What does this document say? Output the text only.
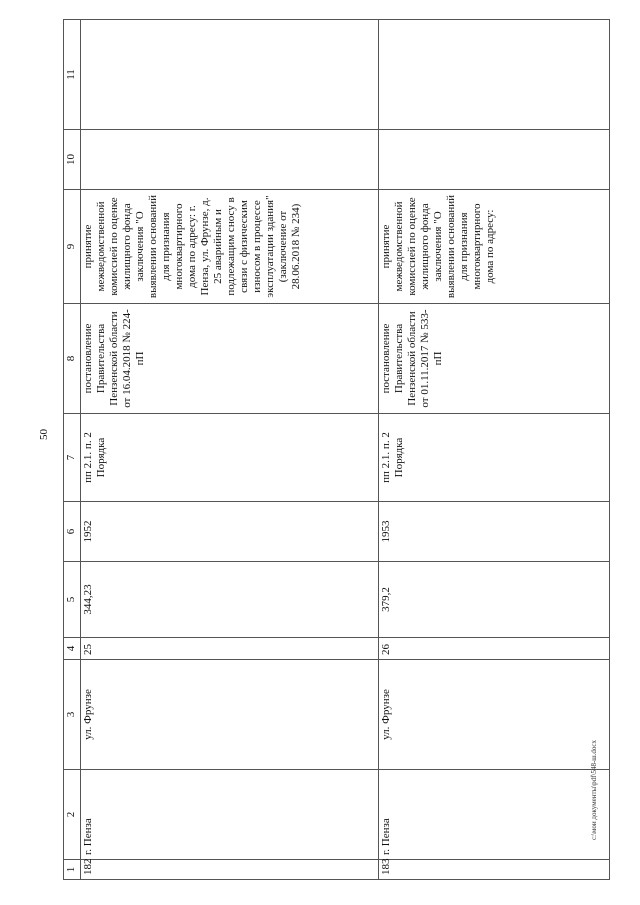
50
c:\мои документы\pdf\548-ш.docx
1	2	3	4	5	6	7	8	9	10	11
182	г. Пенза	ул. Фрунзе	25	344,23	1952	пп 2.1. п. 2 Порядка	постановление Правительства Пензенской области от 16.04.2018 № 224-пП	принятие межведомственной комиссией по оценке жилищного фонда заключения "О выявлении оснований для признания многоквартирного дома по адресу: г. Пенза, ул. Фрунзе, д. 25 аварийным и подлежащим сносу в связи с физическим износом в процессе эксплуатации здания" (заключение от 28.06.2018 № 234)		
183	г. Пенза	ул. Фрунзе	26	379,2	1953	пп 2.1. п. 2 Порядка	постановление Правительства Пензенской области от 01.11.2017 № 533-пП	принятие межведомственной комиссией по оценке жилищного фонда заключения "О выявлении оснований для признания многоквартирного дома по адресу:		
